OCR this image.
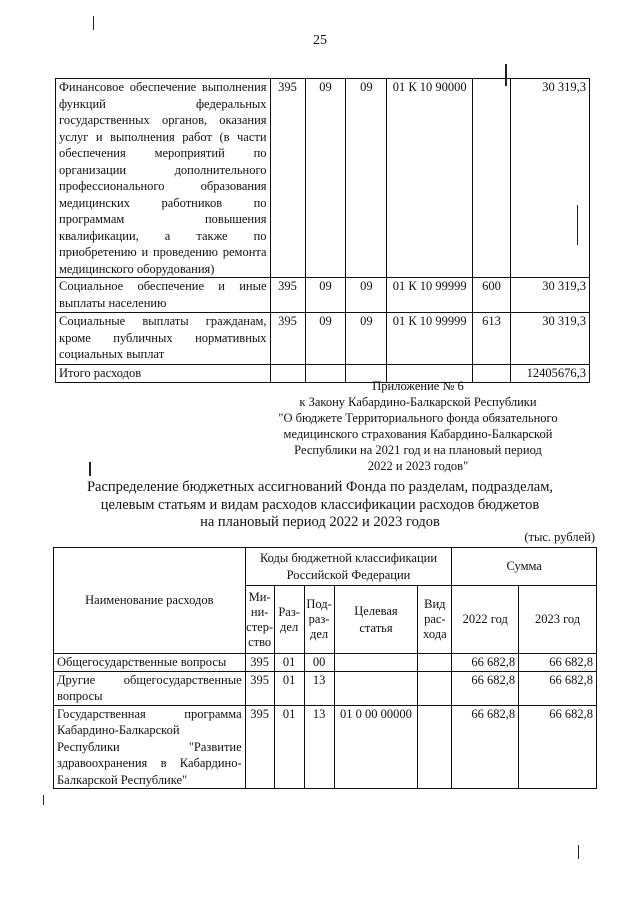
25
Финансовое обеспечение выполнения функций федеральных государственных органов, оказания услуг и выполнения работ (в части обеспечения мероприятий по организации дополнительного профессионального образования медицинских работников по программам повышения квалификации, а также по приобретению и проведению ремонта медицинского оборудования)	395	09	09	01 К 10 90000		30 319,3
Социальное обеспечение и иные выплаты населению	395	09	09	01 К 10 99999	600	30 319,3
Социальные выплаты гражданам, кроме публичных нормативных социальных выплат	395	09	09	01 К 10 99999	613	30 319,3
Итого расходов						12405676,3
Приложение № 6
к Закону Кабардино-Балкарской Республики
"О бюджете Территориального фонда обязательного
медицинского страхования Кабардино-Балкарской
Республики на 2021 год и на плановый период
2022 и 2023 годов"
Распределение бюджетных ассигнований Фонда по разделам, подразделам,
целевым статьям и видам расходов классификации расходов бюджетов
на плановый период 2022 и 2023 годов
(тыс. рублей)
Наименование расходов	Коды бюджетной классификации Российской Федерации					Сумма	
	Ми-ни-стер-ство	Раз-дел	Под-раз-дел	Целевая статья	Вид рас-хода	2022 год	2023 год
Общегосударственные вопросы	395	01	00			66 682,8	66 682,8
Другие общегосударственные вопросы	395	01	13			66 682,8	66 682,8
Государственная программа Кабардино-Балкарской Республики "Развитие здравоохранения в Кабардино-Балкарской Республике"	395	01	13	01 0 00 00000		66 682,8	66 682,8
